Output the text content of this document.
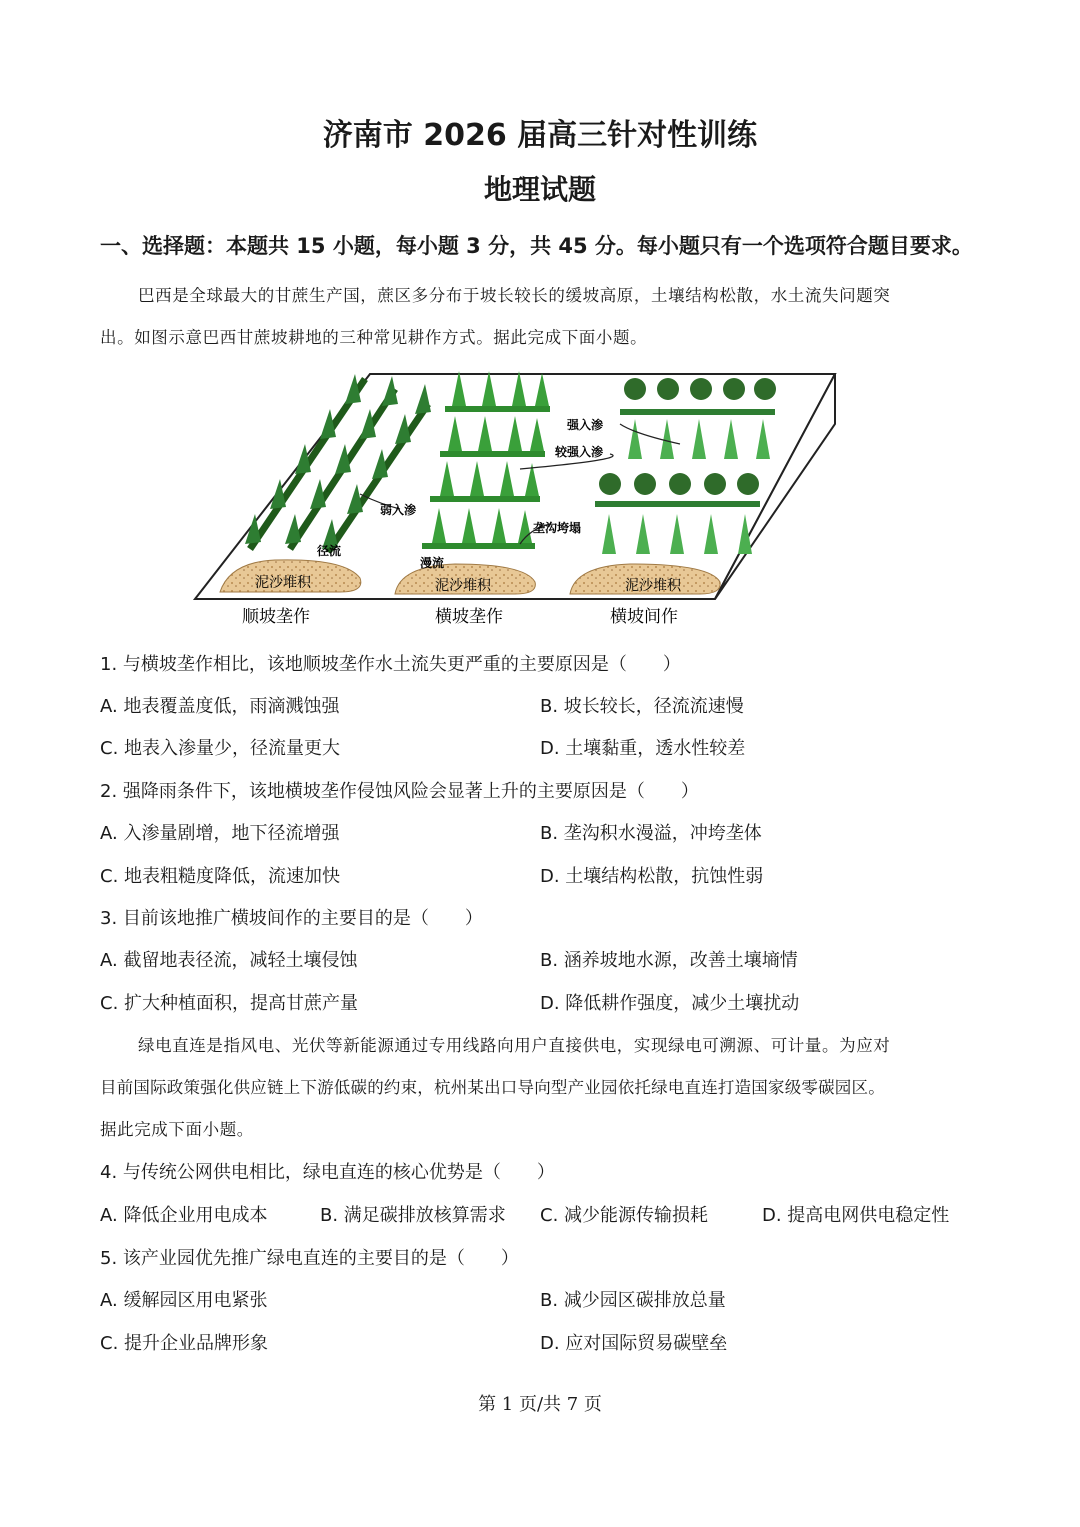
济南市 2026 届高三针对性训练
地理试题
一、选择题：本题共 15 小题，每小题 3 分，共 45 分。每小题只有一个选项符合题目要求。
巴西是全球最大的甘蔗生产国，蔗区多分布于坡长较长的缓坡高原，土壤结构松散，水土流失问题突
出。如图示意巴西甘蔗坡耕地的三种常见耕作方式。据此完成下面小题。
弱入渗
径流
强入渗
较强入渗
垄沟垮塌
漫流
泥沙堆积	泥沙堆积	泥沙堆积
顺坡垄作	横坡垄作	横坡间作
1. 与横坡垄作相比，该地顺坡垄作水土流失更严重的主要原因是（　　）
A. 地表覆盖度低，雨滴溅蚀强	B. 坡长较长，径流流速慢
C. 地表入渗量少，径流量更大	D. 土壤黏重，透水性较差
2. 强降雨条件下，该地横坡垄作侵蚀风险会显著上升的主要原因是（　　）
A. 入渗量剧增，地下径流增强	B. 垄沟积水漫溢，冲垮垄体
C. 地表粗糙度降低，流速加快	D. 土壤结构松散，抗蚀性弱
3. 目前该地推广横坡间作的主要目的是（　　）
A. 截留地表径流，减轻土壤侵蚀	B. 涵养坡地水源，改善土壤墒情
C. 扩大种植面积，提高甘蔗产量	D. 降低耕作强度，减少土壤扰动
绿电直连是指风电、光伏等新能源通过专用线路向用户直接供电，实现绿电可溯源、可计量。为应对
目前国际政策强化供应链上下游低碳的约束，杭州某出口导向型产业园依托绿电直连打造国家级零碳园区。
据此完成下面小题。
4. 与传统公网供电相比，绿电直连的核心优势是（　　）
A. 降低企业用电成本	B. 满足碳排放核算需求 C. 减少能源传输损耗	D. 提高电网供电稳定性
5. 该产业园优先推广绿电直连的主要目的是（　　）
A. 缓解园区用电紧张	B. 减少园区碳排放总量
C. 提升企业品牌形象	D. 应对国际贸易碳壁垒
第 1 页/共 7 页
